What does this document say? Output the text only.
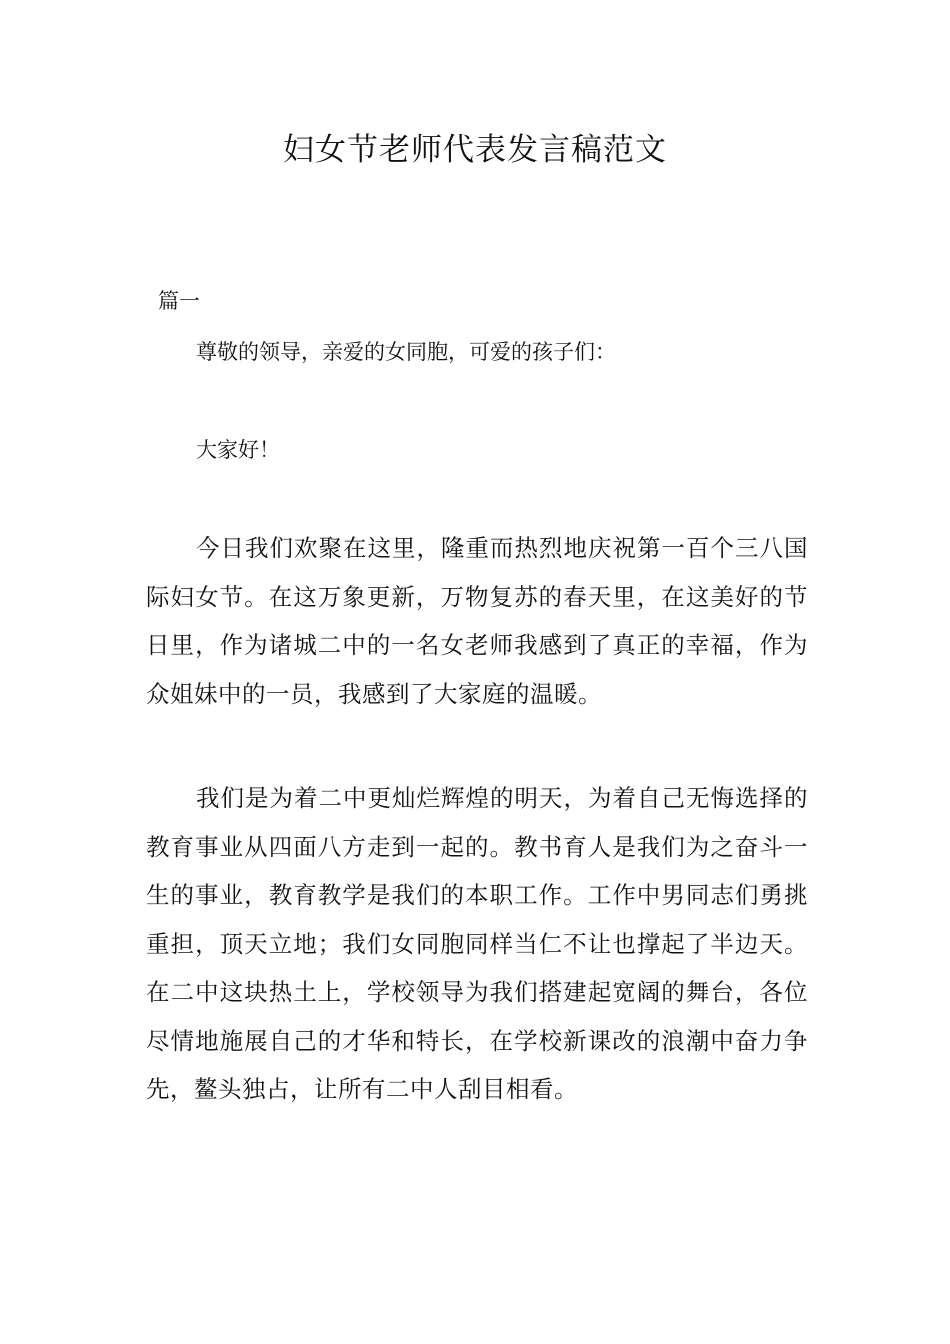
妇女节老师代表发言稿范文
篇一
尊敬的领导，亲爱的女同胞，可爱的孩子们：
大家好！
今日我们欢聚在这里，隆重而热烈地庆祝第一百个三八国际妇女节。在这万象更新，万物复苏的春天里，在这美好的节日里，作为诸城二中的一名女老师我感到了真正的幸福，作为众姐妹中的一员，我感到了大家庭的温暖。
我们是为着二中更灿烂辉煌的明天，为着自己无悔选择的教育事业从四面八方走到一起的。教书育人是我们为之奋斗一生的事业，教育教学是我们的本职工作。工作中男同志们勇挑重担，顶天立地；我们女同胞同样当仁不让也撑起了半边天。在二中这块热土上，学校领导为我们搭建起宽阔的舞台，各位尽情地施展自己的才华和特长，在学校新课改的浪潮中奋力争先，鳌头独占，让所有二中人刮目相看。
